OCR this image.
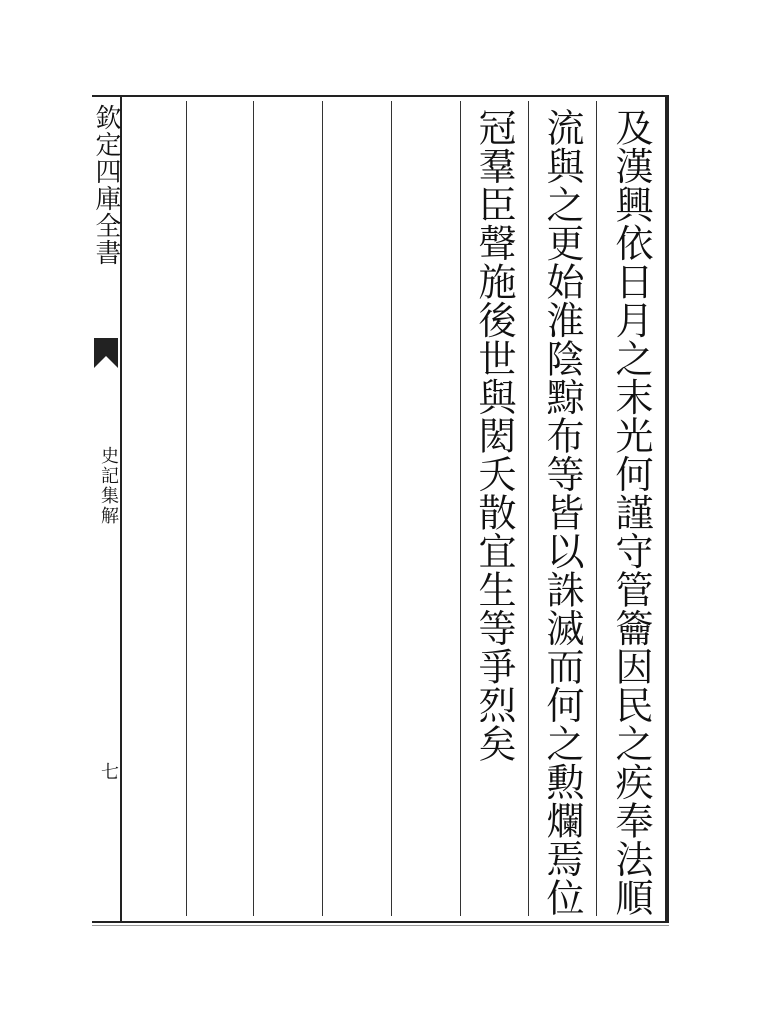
欽定四庫全書
史記集解
七	及漢興依日月之末光何謹守管籥因民之疾奉法順
流與之更始淮陰黥布等皆以誅滅而何之勲爛焉位
冠羣臣聲施後世與閎夭散宜生等爭烈矣
